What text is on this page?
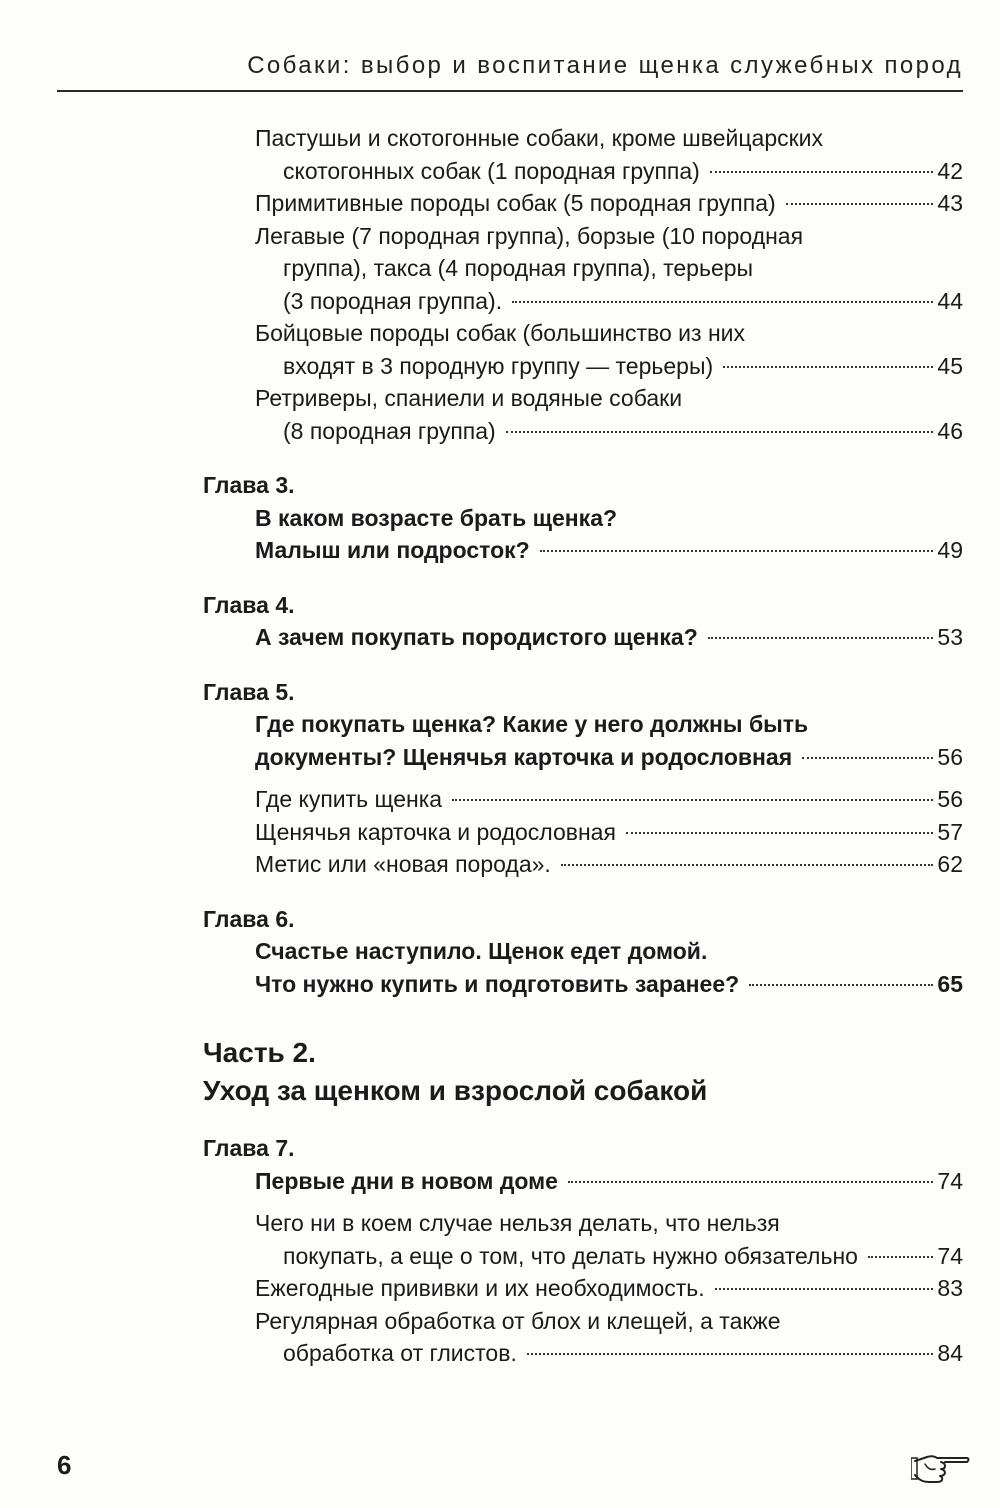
Собаки: выбор и воспитание щенка служебных пород
Пастушьи и скотогонные собаки, кроме швейцарских
скотогонных собак (1 породная группа)	42
Примитивные породы собак (5 породная группа)	43
Легавые (7 породная группа), борзые (10 породная
группа), такса (4 породная группа), терьеры
(3 породная группа).	44
Бойцовые породы собак (большинство из них
входят в 3 породную группу — терьеры)	45
Ретриверы, спаниели и водяные собаки
(8 породная группа)	46
Глава 3.
В каком возрасте брать щенка?
Малыш или подросток?	49
Глава 4.
А зачем покупать породистого щенка?	53
Глава 5.
Где покупать щенка? Какие у него должны быть
документы? Щенячья карточка и родословная	56
Где купить щенка	56
Щенячья карточка и родословная	57
Метис или «новая порода».	62
Глава 6.
Счастье наступило. Щенок едет домой.
Что нужно купить и подготовить заранее?	65
Часть 2.
Уход за щенком и взрослой собакой
Глава 7.
Первые дни в новом доме	74
Чего ни в коем случае нельзя делать, что нельзя
покупать, а еще о том, что делать нужно обязательно	74
Ежегодные прививки и их необходимость.	83
Регулярная обработка от блох и клещей, а также
обработка от глистов.	84
6
